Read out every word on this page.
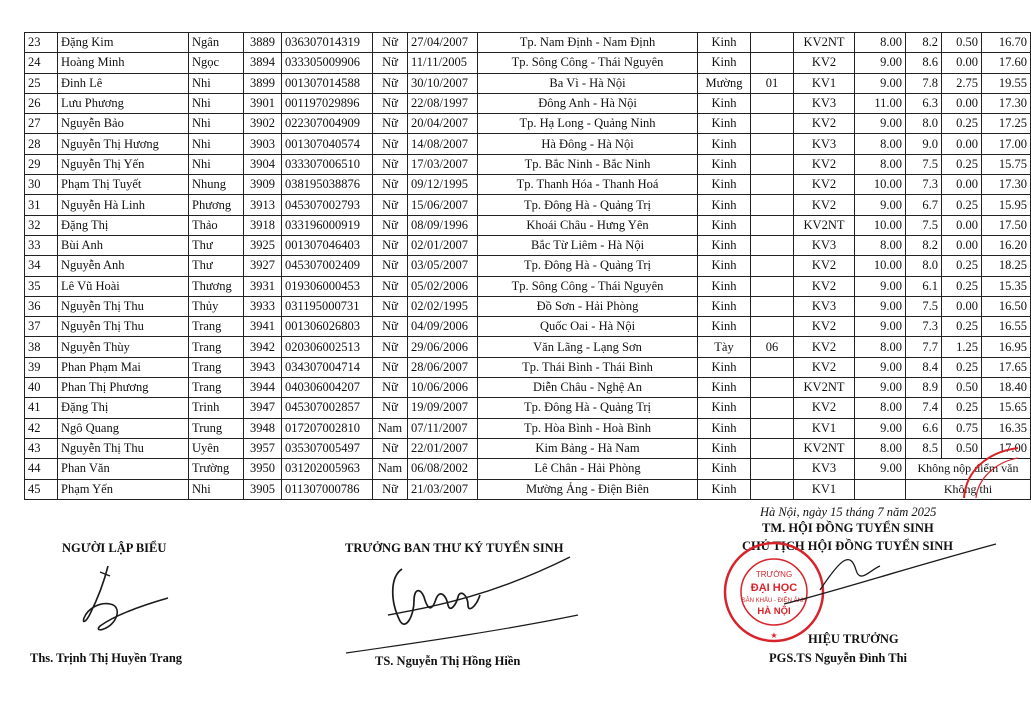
23	Đặng Kim	Ngân	3889	036307014319	Nữ	27/04/2007	Tp. Nam Định - Nam Định	Kinh		KV2NT	8.00	8.2	0.50	16.70
24	Hoàng Minh	Ngọc	3894	033305009906	Nữ	11/11/2005	Tp. Sông Công - Thái Nguyên	Kinh		KV2	9.00	8.6	0.00	17.60
25	Đinh Lê	Nhi	3899	001307014588	Nữ	30/10/2007	Ba Vì - Hà Nội	Mường	01	KV1	9.00	7.8	2.75	19.55
26	Lưu Phương	Nhi	3901	001197029896	Nữ	22/08/1997	Đông Anh - Hà Nội	Kinh		KV3	11.00	6.3	0.00	17.30
27	Nguyễn Bảo	Nhi	3902	022307004909	Nữ	20/04/2007	Tp. Hạ Long - Quảng Ninh	Kinh		KV2	9.00	8.0	0.25	17.25
28	Nguyễn Thị Hương	Nhi	3903	001307040574	Nữ	14/08/2007	Hà Đông - Hà Nội	Kinh		KV3	8.00	9.0	0.00	17.00
29	Nguyễn Thị Yến	Nhi	3904	033307006510	Nữ	17/03/2007	Tp. Bắc Ninh - Bắc Ninh	Kinh		KV2	8.00	7.5	0.25	15.75
30	Phạm Thị Tuyết	Nhung	3909	038195038876	Nữ	09/12/1995	Tp. Thanh Hóa - Thanh Hoá	Kinh		KV2	10.00	7.3	0.00	17.30
31	Nguyễn Hà Linh	Phương	3913	045307002793	Nữ	15/06/2007	Tp. Đông Hà - Quảng Trị	Kinh		KV2	9.00	6.7	0.25	15.95
32	Đặng Thị	Thảo	3918	033196000919	Nữ	08/09/1996	Khoái Châu - Hưng Yên	Kinh		KV2NT	10.00	7.5	0.00	17.50
33	Bùi Anh	Thư	3925	001307046403	Nữ	02/01/2007	Bắc Từ Liêm - Hà Nội	Kinh		KV3	8.00	8.2	0.00	16.20
34	Nguyễn Anh	Thư	3927	045307002409	Nữ	03/05/2007	Tp. Đông Hà - Quảng Trị	Kinh		KV2	10.00	8.0	0.25	18.25
35	Lê Vũ Hoài	Thương	3931	019306000453	Nữ	05/02/2006	Tp. Sông Công - Thái Nguyên	Kinh		KV2	9.00	6.1	0.25	15.35
36	Nguyễn Thị Thu	Thủy	3933	031195000731	Nữ	02/02/1995	Đồ Sơn - Hải Phòng	Kinh		KV3	9.00	7.5	0.00	16.50
37	Nguyễn Thị Thu	Trang	3941	001306026803	Nữ	04/09/2006	Quốc Oai - Hà Nội	Kinh		KV2	9.00	7.3	0.25	16.55
38	Nguyễn Thùy	Trang	3942	020306002513	Nữ	29/06/2006	Văn Lãng - Lạng Sơn	Tày	06	KV2	8.00	7.7	1.25	16.95
39	Phan Phạm Mai	Trang	3943	034307004714	Nữ	28/06/2007	Tp. Thái Bình - Thái Bình	Kinh		KV2	9.00	8.4	0.25	17.65
40	Phan Thị Phương	Trang	3944	040306004207	Nữ	10/06/2006	Diễn Châu - Nghệ An	Kinh		KV2NT	9.00	8.9	0.50	18.40
41	Đặng Thị	Trinh	3947	045307002857	Nữ	19/09/2007	Tp. Đông Hà - Quảng Trị	Kinh		KV2	8.00	7.4	0.25	15.65
42	Ngô Quang	Trung	3948	017207002810	Nam	07/11/2007	Tp. Hòa Bình - Hoà Bình	Kinh		KV1	9.00	6.6	0.75	16.35
43	Nguyễn Thị Thu	Uyên	3957	035307005497	Nữ	22/01/2007	Kim Bảng - Hà Nam	Kinh		KV2NT	8.00	8.5	0.50	17.00
44	Phan Văn	Trường	3950	031202005963	Nam	06/08/2002	Lê Chân - Hải Phòng	Kinh		KV3	9.00	Không nộp điểm văn		
45	Phạm Yến	Nhi	3905	011307000786	Nữ	21/03/2007	Mường Ảng - Điện Biên	Kinh		KV1		Không thi		
Hà Nội, ngày 15 tháng 7 năm 2025
NGƯỜI LẬP BIỂU
Ths. Trịnh Thị Huyền Trang
TRƯỞNG BAN THƯ KÝ TUYỂN SINH
TS. Nguyễn Thị Hồng Hiền
TM. HỘI ĐỒNG TUYỂN SINH
CHỦ TỊCH HỘI ĐỒNG TUYỂN SINH
TRƯỜNG
ĐẠI HỌC
SÂN KHẤU - ĐIỆN ẢNH
HÀ NỘI
★ HIỆU TRƯỞNG
PGS.TS Nguyễn Đình Thi
